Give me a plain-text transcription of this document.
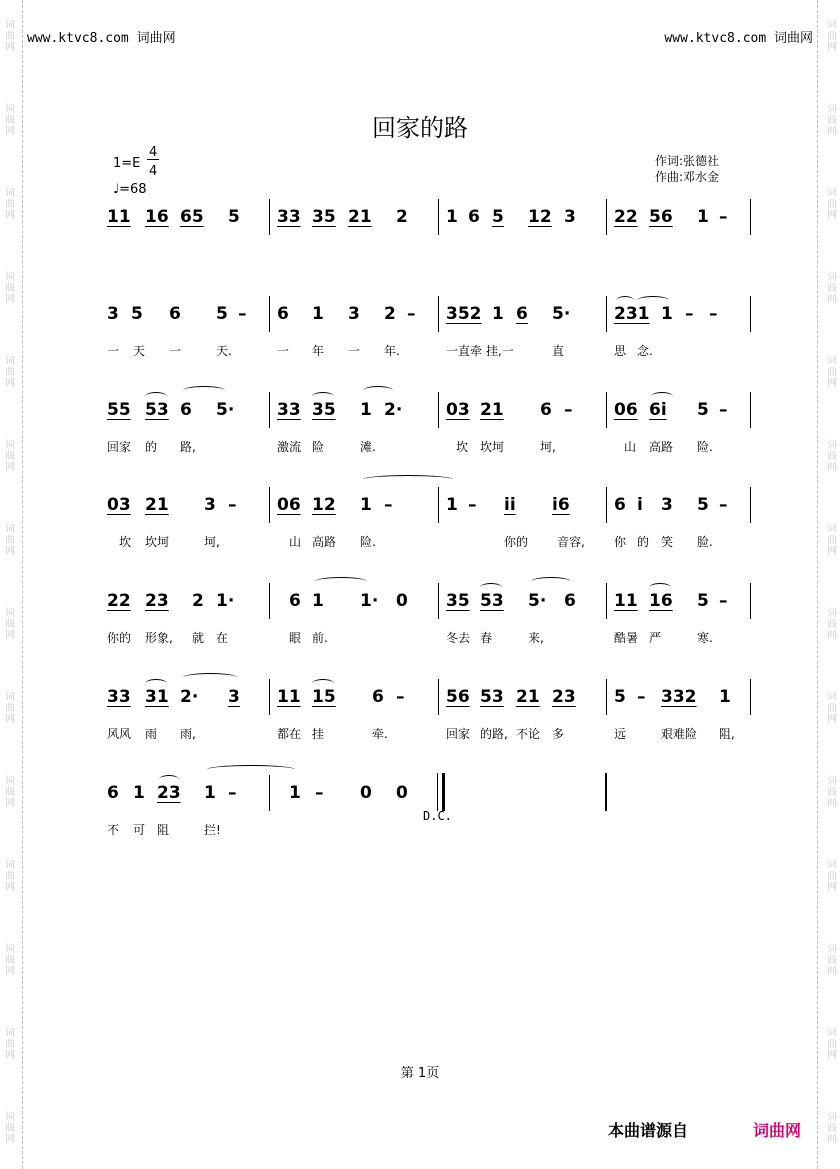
www.ktvc8.com 词曲网	www.ktvc8.com 词曲网
回家的路
1=E
4
4
♩=68
作词:张德社
作曲:邓水金
11 16 65 5 33 35 21 2 1 6 5 12 3 22 56 1 –
3 5 6 5 – 6 1 3 2 – 352 1 6 5·	231 1 – –
一 天 一	天.	一 年 一 年.	一直牵 挂,一	直	思 念.
55 53 6 5·	33 35 1 2·	03 21 6 – 06 6i 5 –
回家 的 路,	激流 险	滩.	坎 坎坷	坷,	山 高路 险.
03 21 3 – 06 12 1 –	1 – ii i6	6 i 3 5 –
坎 坎坷	坷,	山 高路 险.	你的 音容, 你 的 笑 脸.
22 23 2 1·	6 1 1· 0 35 53 5· 6 11 16 5 –
你的 形象, 就 在	眼 前.	冬去 春	来,	酷暑 严	寒.
33 31 2· 3 11 15 6 – 56 53 21 23 5 – 332 1
风风 雨 雨,	都在 挂	牵.	回家 的路, 不论 多	远	艰难险 阻,
6 1 23 1 –	1 – 0 0
不 可 阻	拦!
D.C.
第 1页
本曲谱源自	词曲网
词
曲
网
词
曲
网
词
曲
网
词
曲
网
词
曲
网
词
曲
网
词
曲
网
词
曲
网
词
曲
网
词
曲
网
词
曲
网
词
曲
网
词
曲
网
词
曲
网
词
曲
网
词
曲
网
词
曲
网
词
曲
网
词
曲
网
词
曲
网
词
曲
网
词
曲
网
词
曲
网
词
曲
网
词
曲
网
词
曲
网
词
曲
网
词
曲
网
